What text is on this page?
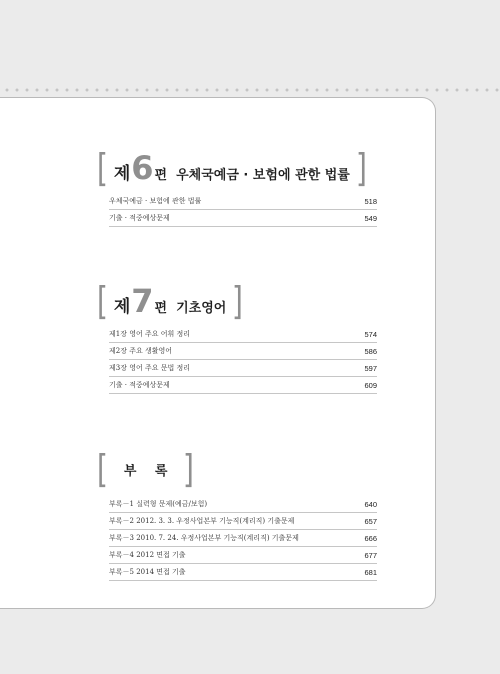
[ 제 6 편 우체국예금 · 보험에 관한 법률 ]
우체국예금 · 보험에 관한 법률	518
기출 · 적중예상문제	549
[ 제 7 편 기초영어 ]
제1장 영어 주요 어휘 정리	574
제2장 주요 생활영어	586
제3장 영어 주요 문법 정리	597
기출 · 적중예상문제	609
[ 부 록 ]
부록－1 실력형 문제(예금/보험)	640
부록－2 2012. 3. 3. 우정사업본부 기능직(계리직) 기출문제	657
부록－3 2010. 7. 24. 우정사업본부 기능직(계리직) 기출문제	666
부록－4 2012 면접 기출	677
부록－5 2014 면접 기출	681
